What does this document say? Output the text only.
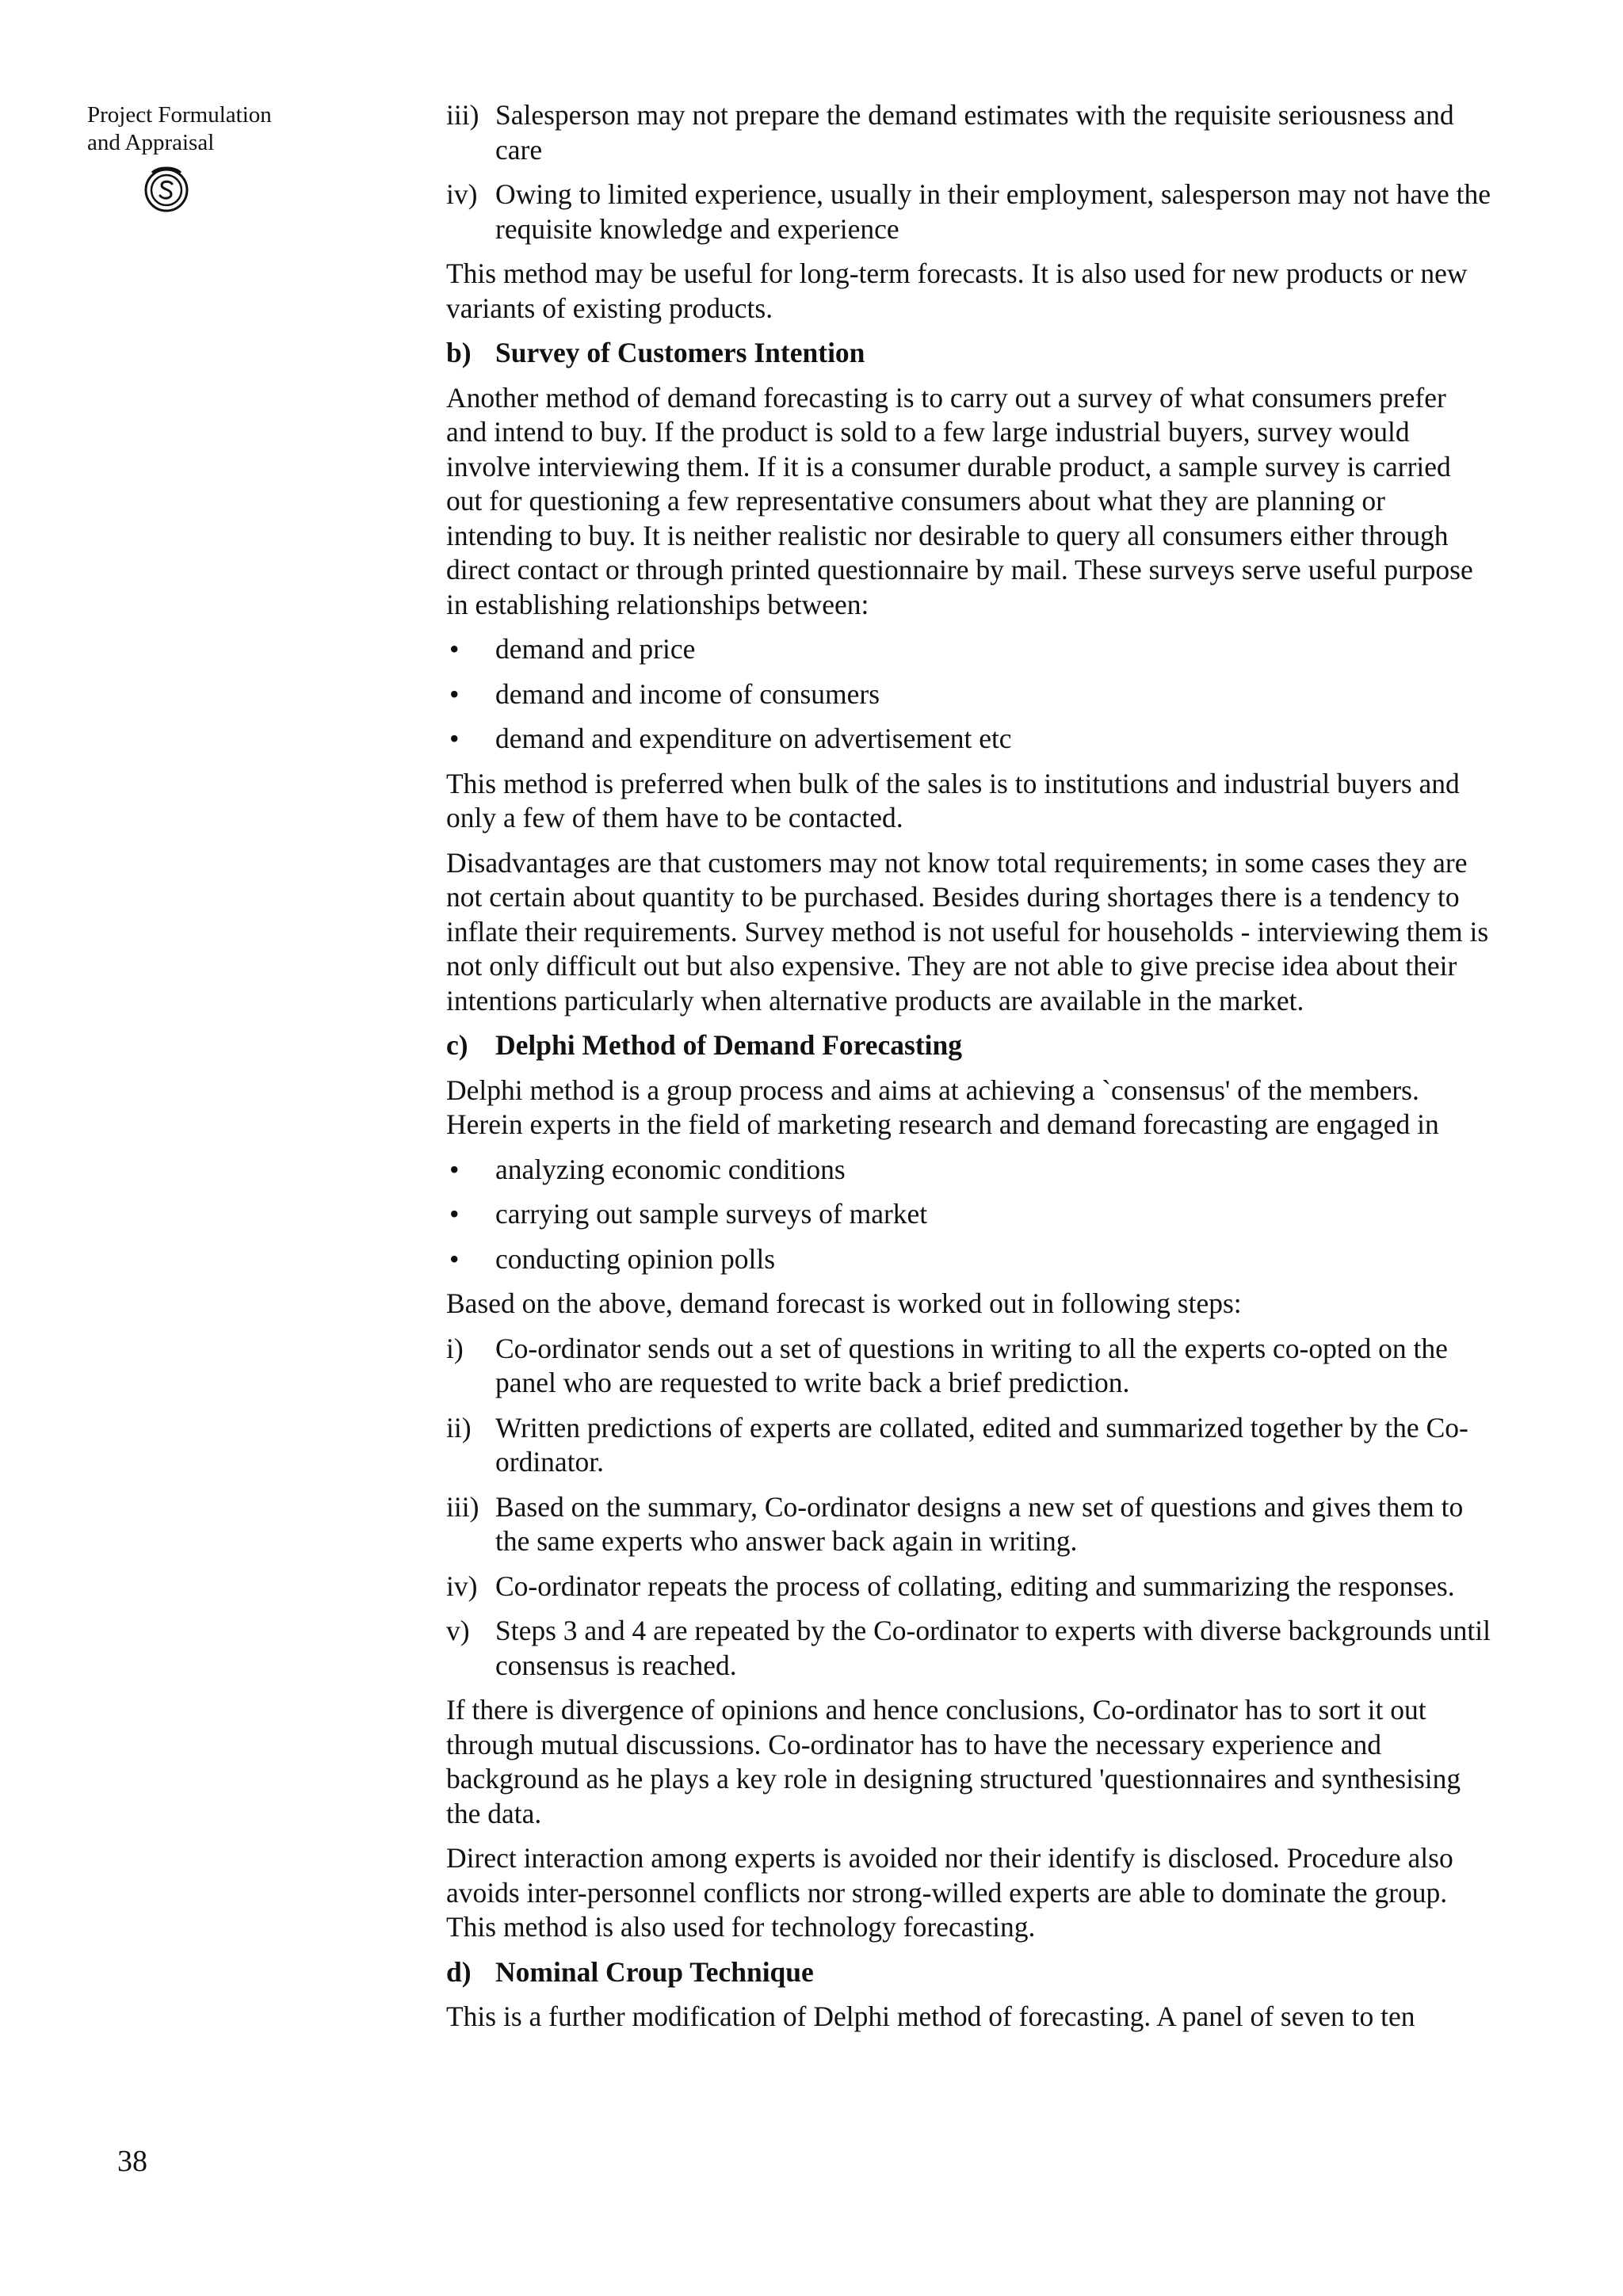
Project Formulation
and Appraisal
38
iii) Salesperson may not prepare the demand estimates with the requisite seriousness and care
iv) Owing to limited experience, usually in their employment, salesperson may not have the requisite knowledge and experience

This method may be useful for long-term forecasts. It is also used for new products or new variants of existing products.

b) Survey of Customers Intention

Another method of demand forecasting is to carry out a survey of what consumers prefer and intend to buy. If the product is sold to a few large industrial buyers, survey would involve interviewing them. If it is a consumer durable product, a sample survey is carried out for questioning a few representative consumers about what they are planning or intending to buy. It is neither realistic nor desirable to query all consumers either through direct contact or through printed questionnaire by mail. These surveys serve useful purpose in establishing relationships between:

•	demand and price
•	demand and income of consumers
•	demand and expenditure on advertisement etc

This method is preferred when bulk of the sales is to institutions and industrial buyers and only a few of them have to be contacted.

Disadvantages are that customers may not know total requirements; in some cases they are not certain about quantity to be purchased. Besides during shortages there is a tendency to inflate their requirements. Survey method is not useful for households - interviewing them is not only difficult out but also expensive. They are not able to give precise idea about their intentions particularly when alternative products are available in the market.

c) Delphi Method of Demand Forecasting

Delphi method is a group process and aims at achieving a `consensus' of the members. Herein experts in the field of marketing research and demand forecasting are engaged in

•	analyzing economic conditions
•	carrying out sample surveys of market
•	conducting opinion polls

Based on the above, demand forecast is worked out in following steps:

i)	Co-ordinator sends out a set of questions in writing to all the experts co-opted on the panel who are requested to write back a brief prediction.
ii) Written predictions of experts are collated, edited and summarized together by the Co-ordinator.
iii) Based on the summary, Co-ordinator designs a new set of questions and gives them to the same experts who answer back again in writing.
iv) Co-ordinator repeats the process of collating, editing and summarizing the responses.
v) Steps 3 and 4 are repeated by the Co-ordinator to experts with diverse backgrounds until consensus is reached.

If there is divergence of opinions and hence conclusions, Co-ordinator has to sort it out through mutual discussions. Co-ordinator has to have the necessary experience and background as he plays a key role in designing structured 'questionnaires and synthesising the data.

Direct interaction among experts is avoided nor their identify is disclosed. Procedure also avoids inter-personnel conflicts nor strong-willed experts are able to dominate the group. This method is also used for technology forecasting.

d) Nominal Croup Technique

This is a further modification of Delphi method of forecasting. A panel of seven to ten
